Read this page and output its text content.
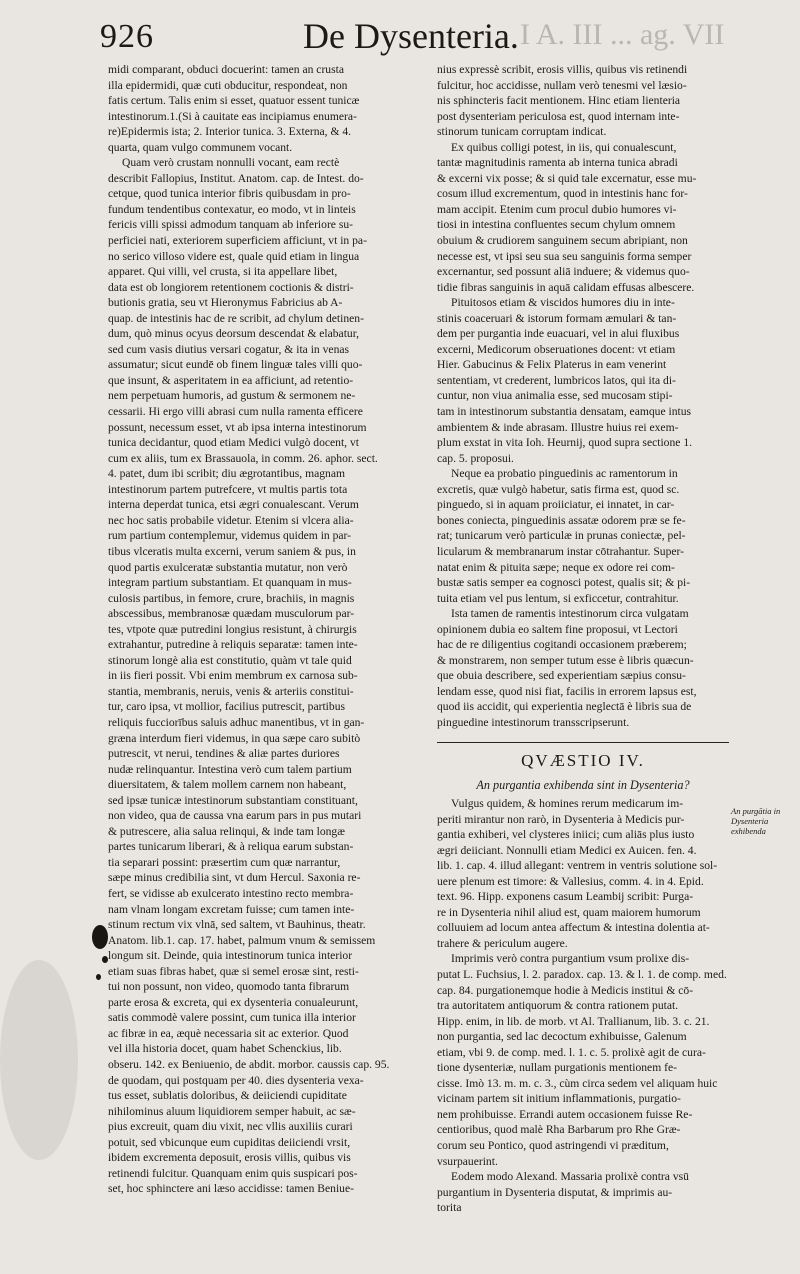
926	De Dysenteria. I A. III ... ag. VII
midi comparant, obduci docuerint: tamen an crusta
illa epidermidi, quæ cuti obducitur, respondeat, non
fatis certum. Talis enim si esset, quatuor essent tunicæ
intestinorum.1.(Si à cauitate eas incipiamus enumera-
re)Epidermis ista; 2. Interior tunica. 3. Externa, & 4.
quarta, quam vulgo communem vocant.
Quam verò crustam nonnulli vocant, eam rectè
describit Fallopius, Institut. Anatom. cap. de Intest. do-
cetque, quod tunica interior fibris quibusdam in pro-
fundum tendentibus contexatur, eo modo, vt in linteis
fericis villi spissi admodum tanquam ab inferiore su-
perficiei nati, exteriorem superficiem afficiunt, vt in pa-
no serico villoso videre est, quale quid etiam in lingua
apparet. Qui villi, vel crusta, si ita appellare libet,
data est ob longiorem retentionem coctionis & distri-
butionis gratia, seu vt Hieronymus Fabricius ab A-
quap. de intestinis hac de re scribit, ad chylum detinen-
dum, quò minus ocyus deorsum descendat & elabatur,
sed cum vasis diutius versari cogatur, & ita in venas
assumatur; sicut eundē ob finem linguæ tales villi quo-
que insunt, & asperitatem in ea afficiunt, ad retentio-
nem perpetuam humoris, ad gustum & sermonem ne-
cessarii. Hi ergo villi abrasi cum nulla ramenta efficere
possunt, necessum esset, vt ab ipsa interna intestinorum
tunica decidantur, quod etiam Medici vulgò docent, vt
cum ex aliis, tum ex Brassauola, in comm. 26. aphor. sect.
4. patet, dum ibi scribit; diu ægrotantibus, magnam
intestinorum partem putrefcere, vt multis partis tota
interna deperdat tunica, etsi ægri conualescant. Verum
nec hoc satis probabile videtur. Etenim si vlcera alia-
rum partium contemplemur, videmus quidem in par-
tibus vlceratis multa excerni, verum saniem & pus, in
quod partis exulceratæ substantia mutatur, non verò
integram partium substantiam. Et quanquam in mus-
culosis partibus, in femore, crure, brachiis, in magnis
abscessibus, membranosæ quædam musculorum par-
tes, vtpote quæ putredini longius resistunt, à chirurgis
extrahantur, putredine à reliquis separatæ: tamen inte-
stinorum longè alia est constitutio, quàm vt tale quid
in iis fieri possit. Vbi enim membrum ex carnosa sub-
stantia, membranis, neruis, venis & arteriis constitui-
tur, caro ipsa, vt mollior, facilius putrescit, partibus
reliquis fucciorībus saluis adhuc manentibus, vt in gan-
græna interdum fieri videmus, in qua sæpe caro subitò
putrescit, vt nerui, tendines & aliæ partes duriores
nudæ relinquantur. Intestina verò cum talem partium
diuersitatem, & talem mollem carnem non habeant,
sed ipsæ tunicæ intestinorum substantiam constituant,
non video, qua de caussa vna earum pars in pus mutari
& putrescere, alia salua relinqui, & inde tam longæ
partes tunicarum liberari, & à reliqua earum substan-
tia separari possint: præsertim cum quæ narrantur,
sæpe minus credibilia sint, vt dum Hercul. Saxonia re-
fert, se vidisse ab exulcerato intestino recto membra-
nam vlnam longam excretam fuisse; cum tamen inte-
stinum rectum vix vlnā, sed saltem, vt Bauhinus, theatr.
Anatom. lib.1. cap. 17. habet, palmum vnum & semissem
longum sit. Deinde, quia intestinorum tunica interior
etiam suas fibras habet, quæ si semel erosæ sint, resti-
tui non possunt, non video, quomodo tanta fibrarum
parte erosa & excreta, qui ex dysenteria conualeurunt,
satis commodè valere possint, cum tunica illa interior
ac fibræ in ea, æquè necessaria sit ac exterior. Quod
vel illa historia docet, quam habet Schenckius, lib.
obseru. 142. ex Beniuenio, de abdit. morbor. caussis cap. 95.
de quodam, qui postquam per 40. dies dysenteria vexa-
tus esset, sublatis doloribus, & deiiciendi cupiditate
nihilominus aluum liquidiorem semper habuit, ac sæ-
pius excreuit, quam diu vixit, nec vllis auxiliis curari
potuit, sed vbicunque eum cupiditas deiiciendi vrsit,
ibidem excrementa deposuit, erosis villis, quibus vis
retinendi fulcitur. Quanquam enim quis suspicari pos-
set, hoc sphinctere ani læso accidisse: tamen Beniue-
nius expressè scribit, erosis villis, quibus vis retinendi
fulcitur, hoc accidisse, nullam verò tenesmi vel læsio-
nis sphincteris facit mentionem. Hinc etiam lienteria
post dysenteriam periculosa est, quod internam inte-
stinorum tunicam corruptam indicat.
Ex quibus colligi potest, in iis, qui conualescunt,
tantæ magnitudinis ramenta ab interna tunica abradi
& excerni vix posse; & si quid tale excernatur, esse mu-
cosum illud excrementum, quod in intestinis hanc for-
mam accipit. Etenim cum procul dubio humores vi-
tiosi in intestina confluentes secum chylum omnem
obuium & crudiorem sanguinem secum abripiant, non
necesse est, vt ipsi seu sua seu sanguinis forma semper
excernantur, sed possunt aliā induere; & videmus quo-
tidie fibras sanguinis in aquā calidam effusas albescere.
Pituitosos etiam & viscidos humores diu in inte-
stinis coaceruari & istorum formam æmulari & tan-
dem per purgantia inde euacuari, vel in alui fluxibus
excerni, Medicorum obseruationes docent: vt etiam
Hier. Gabucinus & Felix Platerus in eam venerint
sententiam, vt crederent, lumbricos latos, qui ita di-
cuntur, non viua animalia esse, sed mucosam stipi-
tam in intestinorum substantia densatam, eamque intus
ambientem & inde abrasam. Illustre huius rei exem-
plum exstat in vita Ioh. Heurnij, quod supra sectione 1.
cap. 5. proposui.
Neque ea probatio pinguedinis ac ramentorum in
excretis, quæ vulgò habetur, satis firma est, quod sc.
pinguedo, si in aquam proiiciatur, ei innatet, in car-
bones coniecta, pinguedinis assatæ odorem præ se fe-
rat; tunicarum verò particulæ in prunas coniectæ, pel-
licularum & membranarum instar cōtrahantur. Super-
natat enim & pituita sæpe; neque ex odore rei com-
bustæ satis semper ea cognosci potest, qualis sit; & pi-
tuita etiam vel pus lentum, si exficcetur, contrahitur.
Ista tamen de ramentis intestinorum circa vulgatam
opinionem dubia eo saltem fine proposui, vt Lectori
hac de re diligentius cogitandi occasionem præberem;
& monstrarem, non semper tutum esse è libris quæcun-
que obuia describere, sed experientiam sæpius consu-
lendam esse, quod nisi fiat, facilis in errorem lapsus est,
quod iis accidit, qui experientia neglectā è libris sua de
pinguedine intestinorum transscripserunt.
QVÆSTIO IV.
An purgantia exhibenda sint in Dysenteria?
Vulgus quidem, & homines rerum medicarum im-
periti mirantur non rarò, in Dysenteria à Medicis pur-
gantia exhiberi, vel clysteres iniici; cum aliās plus iusto
ægri deiiciant. Nonnulli etiam Medici ex Auicen. fen. 4.
lib. 1. cap. 4. illud allegant: ventrem in ventris solutione sol-
uere plenum est timore: & Vallesius, comm. 4. in 4. Epid.
text. 96. Hipp. exponens casum Leambij scribit: Purga-
re in Dysenteria nihil aliud est, quam maiorem humorum
colluuiem ad locum antea affectum & intestina dolentia at-
trahere & periculum augere.
Imprimis verò contra purgantium vsum prolixe dis-
putat L. Fuchsius, l. 2. paradox. cap. 13. & l. 1. de comp. med.
cap. 84. purgationemque hodie à Medicis institui & cō-
tra autoritatem antiquorum & contra rationem putat.
Hipp. enim, in lib. de morb. vt Al. Trallianum, lib. 3. c. 21.
non purgantia, sed lac decoctum exhibuisse, Galenum
etiam, vbi 9. de comp. med. l. 1. c. 5. prolixè agit de cura-
tione dysenteriæ, nullam purgationis mentionem fe-
cisse. Imò 13. m. m. c. 3., cùm circa sedem vel aliquam huic
vicinam partem sit initium inflammationis, purgatio-
nem prohibuisse. Errandi autem occasionem fuisse Re-
centioribus, quod malè Rha Barbarum pro Rhe Græ-
corum seu Pontico, quod astringendi vi præditum,
vsurpauerint.
Eodem modo Alexand. Massaria prolixè contra vsū
purgantium in Dysenteria disputat, & imprimis au-
torita
An purgātia in Dysenteria exhibenda
